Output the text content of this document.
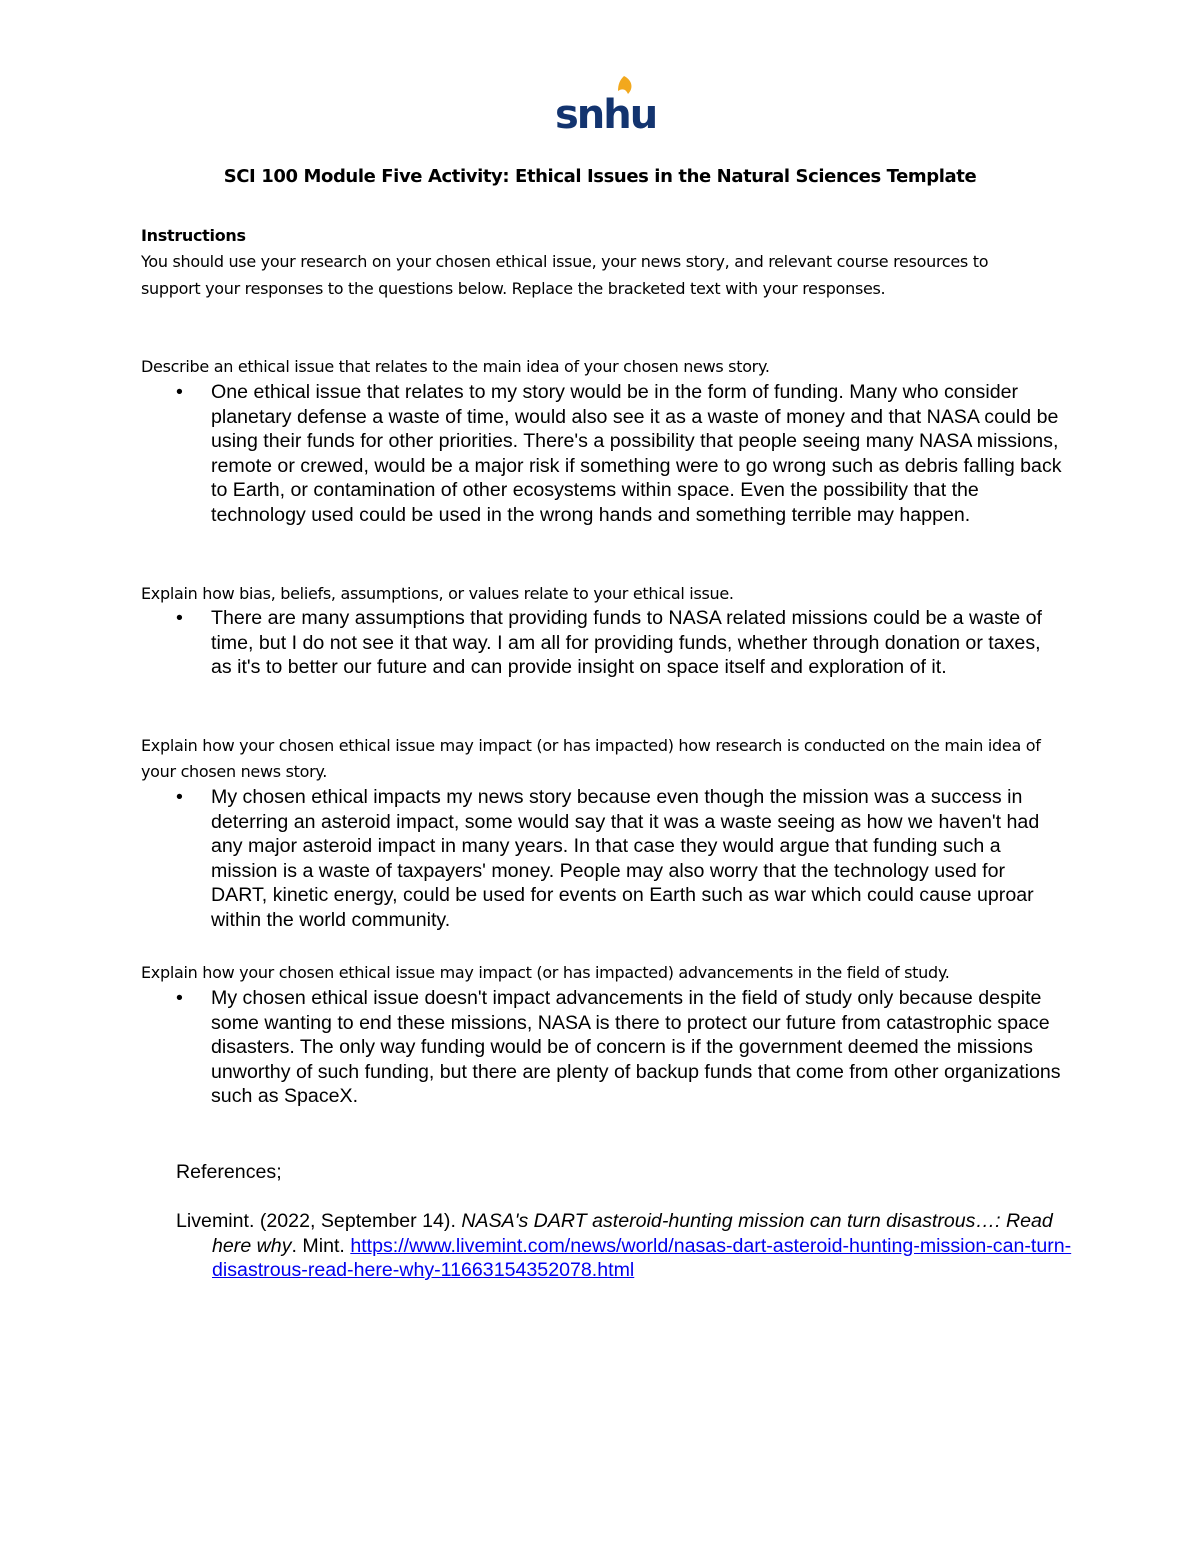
snhu
SCI 100 Module Five Activity: Ethical Issues in the Natural Sciences Template
Instructions
You should use your research on your chosen ethical issue, your news story, and relevant course resources to support your responses to the questions below. Replace the bracketed text with your responses.
Describe an ethical issue that relates to the main idea of your chosen news story.
• One ethical issue that relates to my story would be in the form of funding. Many who consider planetary defense a waste of time, would also see it as a waste of money and that NASA could be using their funds for other priorities. There's a possibility that people seeing many NASA missions, remote or crewed, would be a major risk if something were to go wrong such as debris falling back to Earth, or contamination of other ecosystems within space. Even the possibility that the technology used could be used in the wrong hands and something terrible may happen.
Explain how bias, beliefs, assumptions, or values relate to your ethical issue.
• There are many assumptions that providing funds to NASA related missions could be a waste of time, but I do not see it that way. I am all for providing funds, whether through donation or taxes, as it's to better our future and can provide insight on space itself and exploration of it.
Explain how your chosen ethical issue may impact (or has impacted) how research is conducted on the main idea of your chosen news story.
• My chosen ethical impacts my news story because even though the mission was a success in deterring an asteroid impact, some would say that it was a waste seeing as how we haven't had any major asteroid impact in many years. In that case they would argue that funding such a mission is a waste of taxpayers' money. People may also worry that the technology used for DART, kinetic energy, could be used for events on Earth such as war which could cause uproar within the world community.
Explain how your chosen ethical issue may impact (or has impacted) advancements in the field of study.
• My chosen ethical issue doesn't impact advancements in the field of study only because despite some wanting to end these missions, NASA is there to protect our future from catastrophic space disasters. The only way funding would be of concern is if the government deemed the missions unworthy of such funding, but there are plenty of backup funds that come from other organizations such as SpaceX.
References;
Livemint. (2022, September 14). NASA's DART asteroid-hunting mission can turn disastrous…: Read here why. Mint. https://www.livemint.com/news/world/nasas-dart-asteroid-hunting-mission-can-turn-disastrous-read-here-why-11663154352078.html
